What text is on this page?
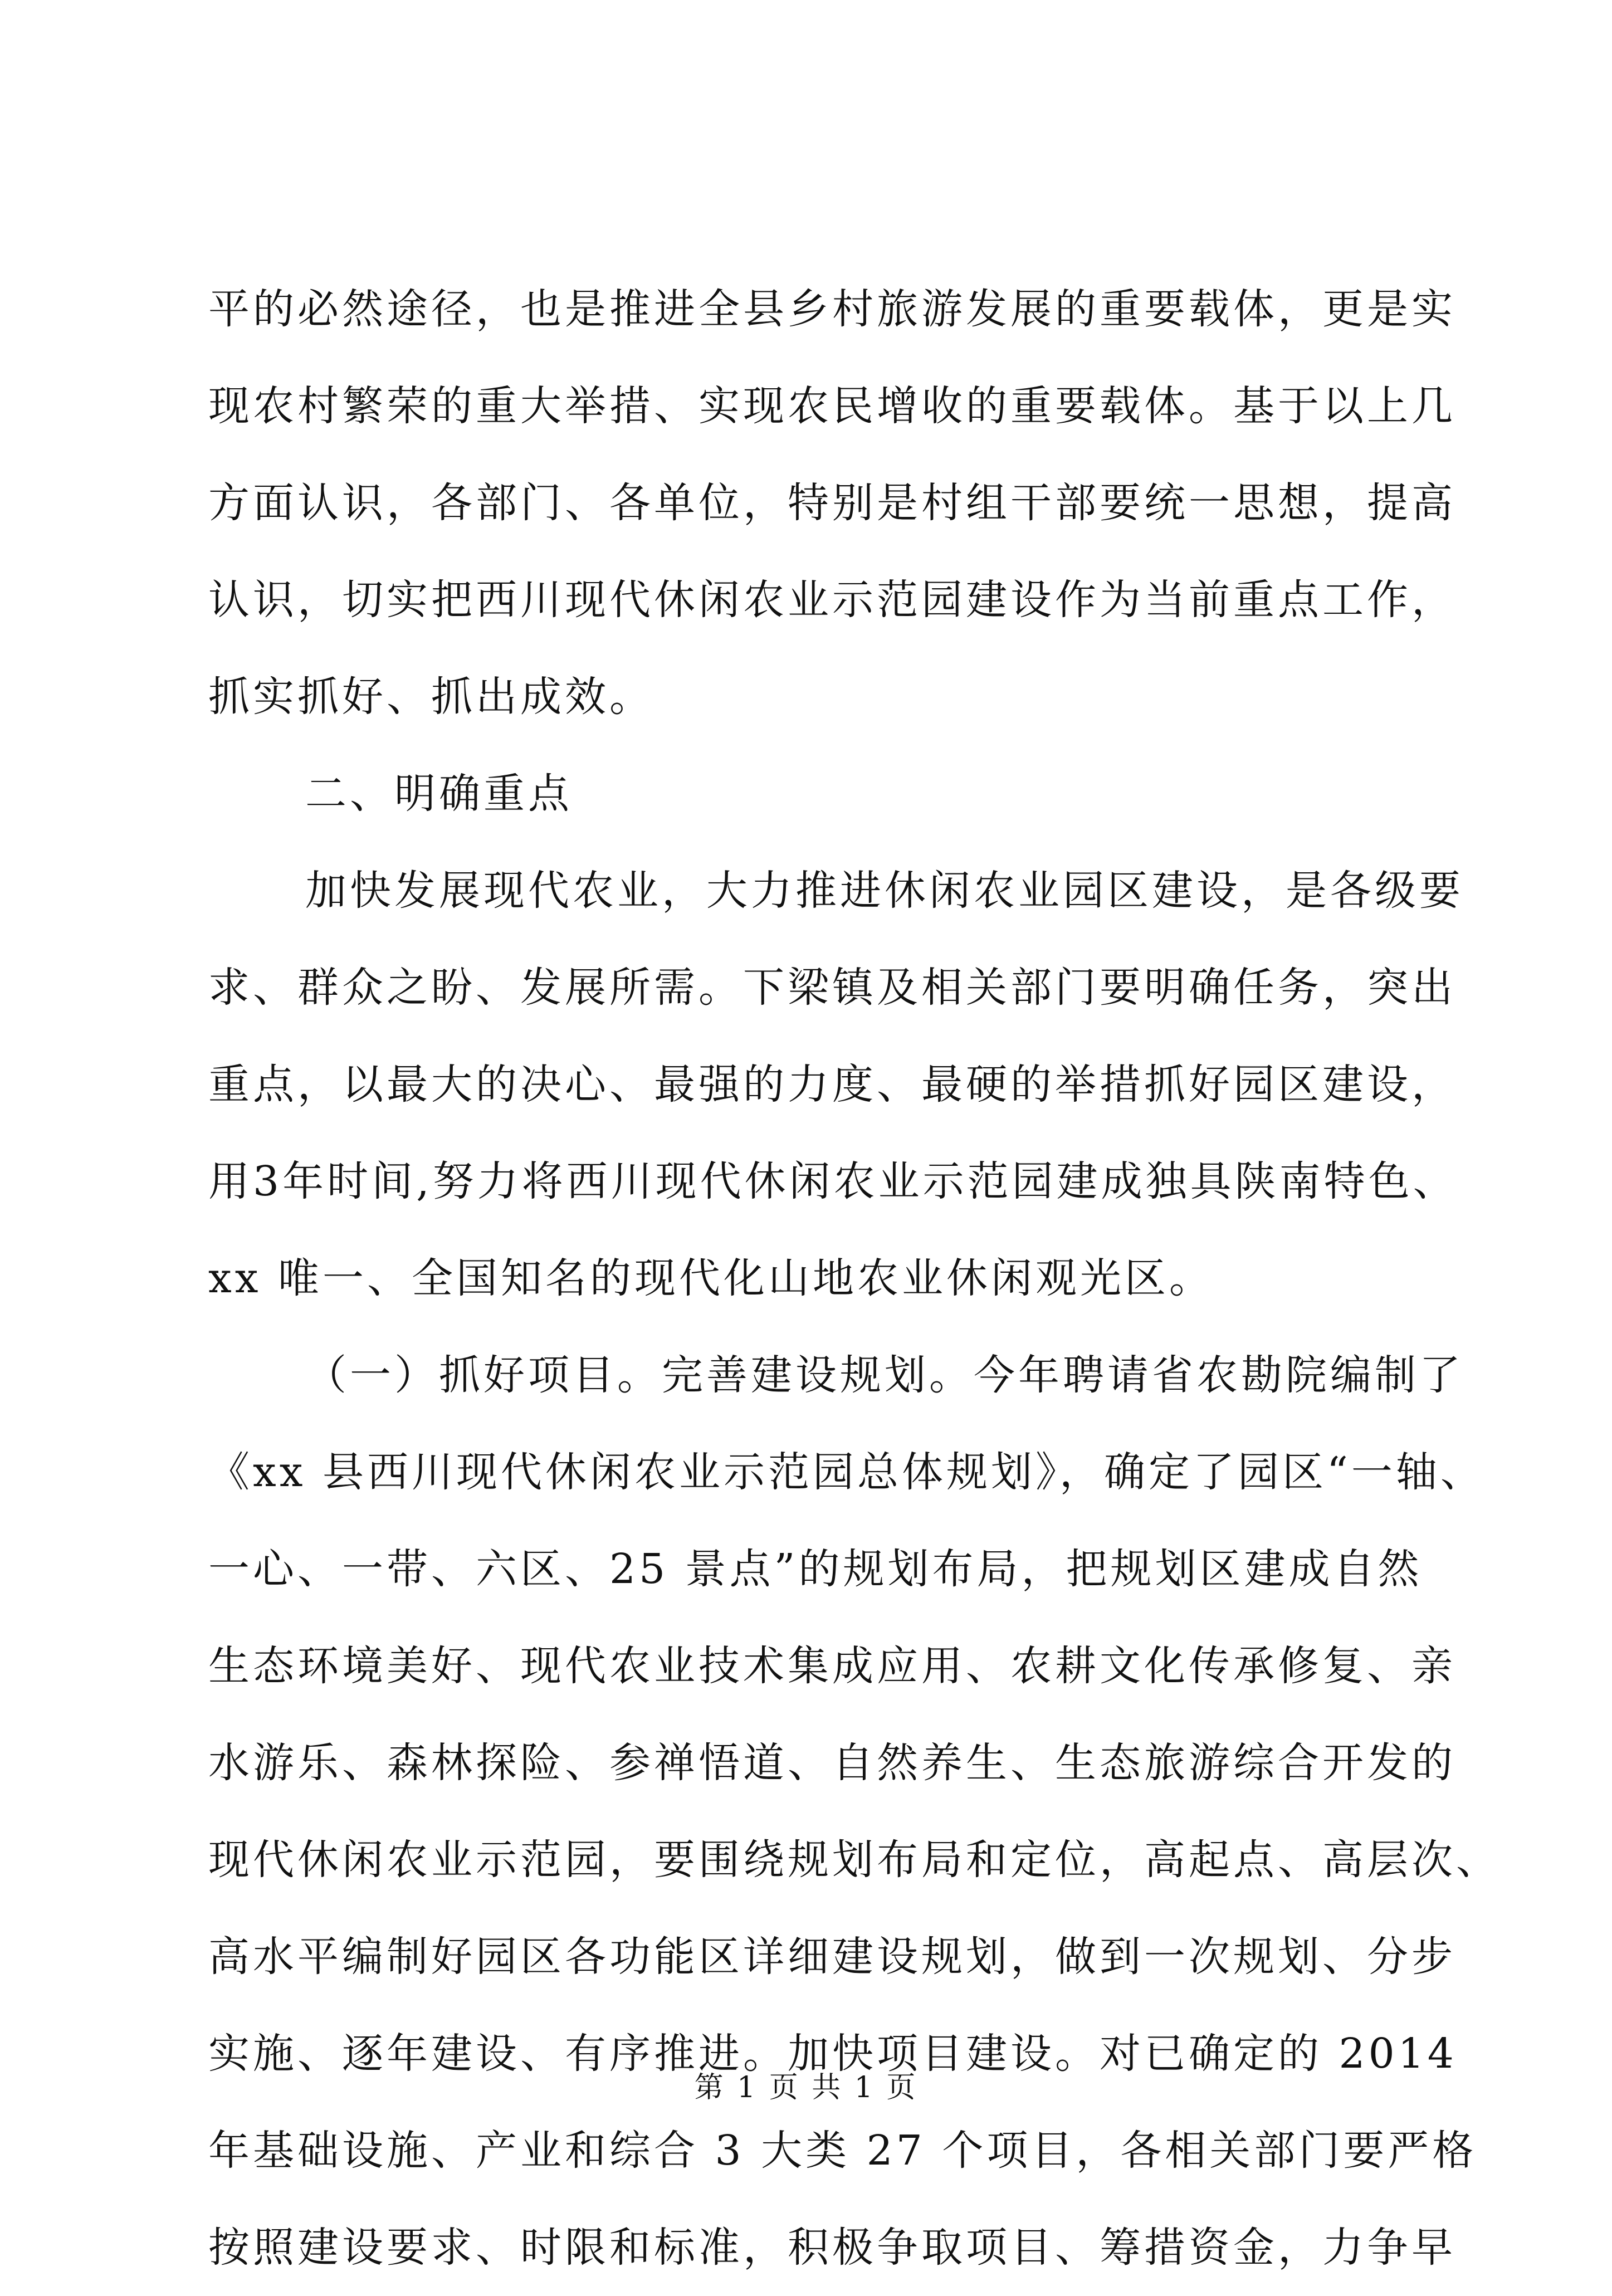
平的必然途径，也是推进全县乡村旅游发展的重要载体，更是实
现农村繁荣的重大举措、实现农民增收的重要载体。基于以上几
方面认识，各部门、各单位，特别是村组干部要统一思想，提高
认识，切实把西川现代休闲农业示范园建设作为当前重点工作，
抓实抓好、抓出成效。
二、明确重点
加快发展现代农业，大力推进休闲农业园区建设，是各级要
求、群众之盼、发展所需。下梁镇及相关部门要明确任务，突出
重点，以最大的决心、最强的力度、最硬的举措抓好园区建设，
用3年时间,努力将西川现代休闲农业示范园建成独具陕南特色、
xx 唯一、全国知名的现代化山地农业休闲观光区。
（一）抓好项目。完善建设规划。今年聘请省农勘院编制了
《xx 县西川现代休闲农业示范园总体规划》，确定了园区“一轴、
一心、一带、六区、25 景点”的规划布局，把规划区建成自然
生态环境美好、现代农业技术集成应用、农耕文化传承修复、亲
水游乐、森林探险、参禅悟道、自然养生、生态旅游综合开发的
现代休闲农业示范园，要围绕规划布局和定位，高起点、高层次、
高水平编制好园区各功能区详细建设规划，做到一次规划、分步
实施、逐年建设、有序推进。加快项目建设。对已确定的 2014
年基础设施、产业和综合 3 大类 27 个项目，各相关部门要严格
按照建设要求、时限和标准，积极争取项目、筹措资金，力争早
第 1 页 共 1 页
